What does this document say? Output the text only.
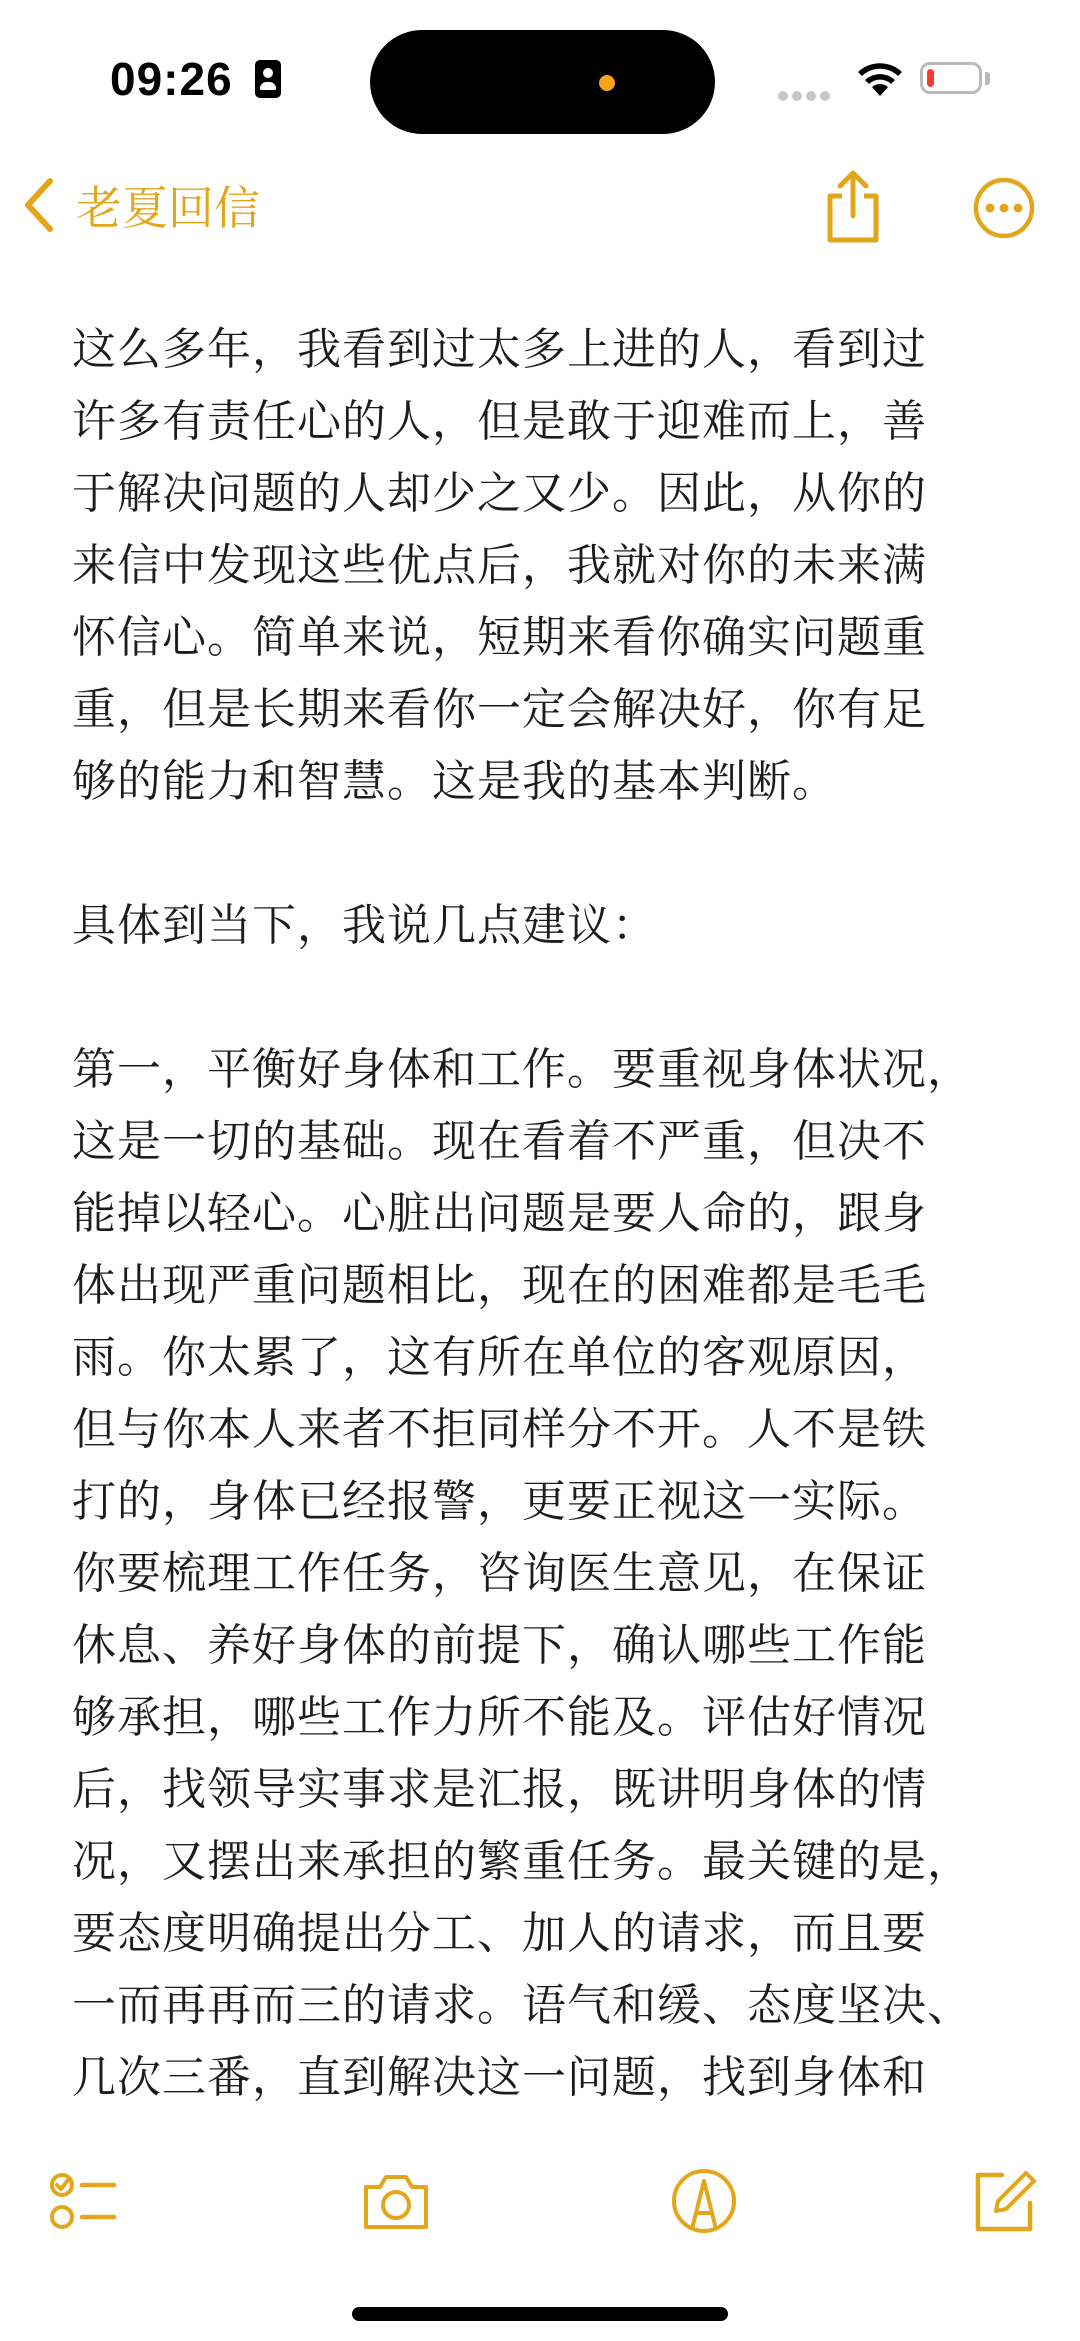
09:26
老夏回信
这么多年，我看到过太多上进的人，看到过
许多有责任心的人，但是敢于迎难而上，善
于解决问题的人却少之又少。因此，从你的
来信中发现这些优点后，我就对你的未来满
怀信心。简单来说，短期来看你确实问题重
重，但是长期来看你一定会解决好，你有足
够的能力和智慧。这是我的基本判断。
具体到当下，我说几点建议：
第一，平衡好身体和工作。要重视身体状况，
这是一切的基础。现在看着不严重，但决不
能掉以轻心。心脏出问题是要人命的，跟身
体出现严重问题相比，现在的困难都是毛毛
雨。你太累了，这有所在单位的客观原因，
但与你本人来者不拒同样分不开。人不是铁
打的，身体已经报警，更要正视这一实际。
你要梳理工作任务，咨询医生意见，在保证
休息、养好身体的前提下，确认哪些工作能
够承担，哪些工作力所不能及。评估好情况
后，找领导实事求是汇报，既讲明身体的情
况，又摆出来承担的繁重任务。最关键的是，
要态度明确提出分工、加人的请求，而且要
一而再再而三的请求。语气和缓、态度坚决、
几次三番，直到解决这一问题，找到身体和
